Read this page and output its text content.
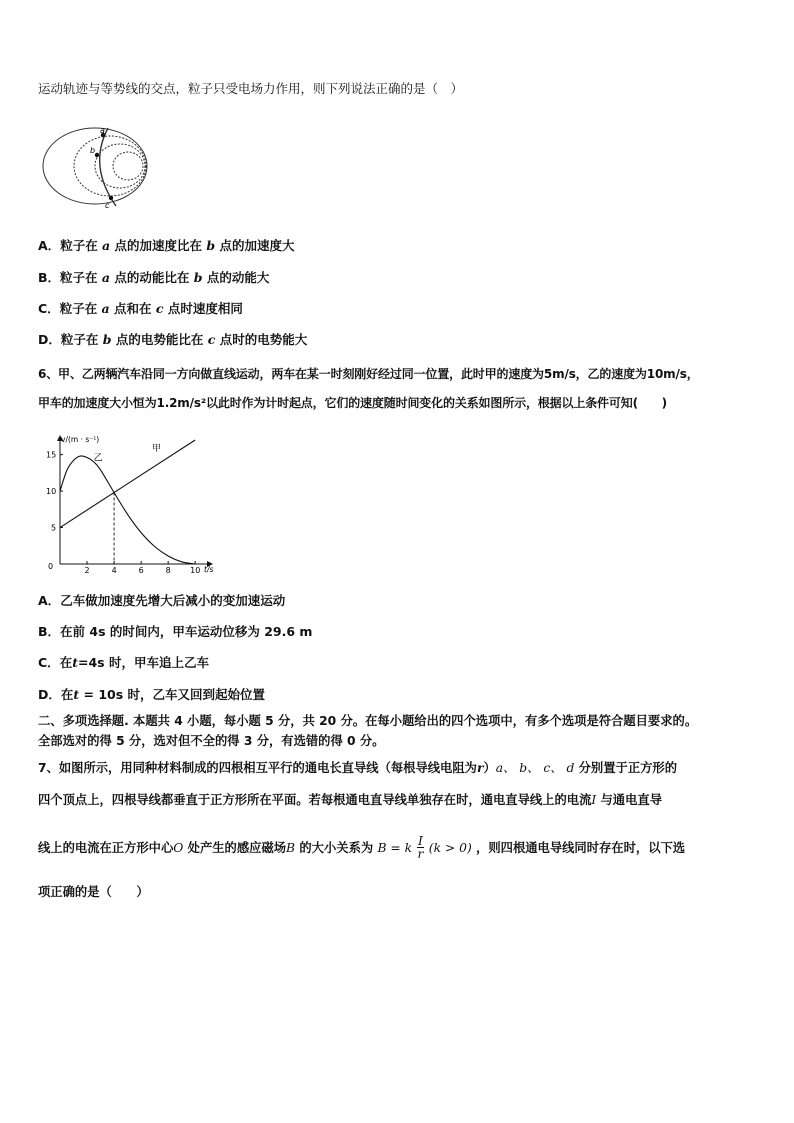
运动轨迹与等势线的交点，粒子只受电场力作用，则下列说法正确的是（　）
a
b
c
A．粒子在 a 点的加速度比在 b 点的加速度大
B．粒子在 a 点的动能比在 b 点的动能大
C．粒子在 a 点和在 c 点时速度相同
D．粒子在 b 点的电势能比在 c 点时的电势能大
6、甲、乙两辆汽车沿同一方向做直线运动，两车在某一时刻刚好经过同一位置，此时甲的速度为5m/s，乙的速度为10m/s，
甲车的加速度大小恒为1.2m/s²以此时作为计时起点，它们的速度随时间变化的关系如图所示，根据以上条件可知(　　)
v/(m · s⁻¹)
t/s
0	2	4	6	8 10
5
10
15	乙
甲
A．乙车做加速度先增大后减小的变加速运动
B．在前 4s 的时间内，甲车运动位移为 29.6 m
C．在t=4s 时，甲车追上乙车
D．在t = 10s 时，乙车又回到起始位置
二、多项选择题. 本题共 4 小题，每小题 5 分，共 20 分。在每小题给出的四个选项中，有多个选项是符合题目要求的。
全部选对的得 5 分，选对但不全的得 3 分，有选错的得 0 分。
7、如图所示，用同种材料制成的四根相互平行的通电长直导线（每根导线电阻为r）a、 b、 c、 d 分别置于正方形的
四个顶点上，四根导线都垂直于正方形所在平面。若每根通电直导线单独存在时，通电直导线上的电流I 与通电直导
线上的电流在正方形中心O 处产生的感应磁场B 的大小关系为 B = k $\frac{I}{r} (k > 0)$ ，则四根通电导线同时存在时，以下选
项正确的是（　　）
